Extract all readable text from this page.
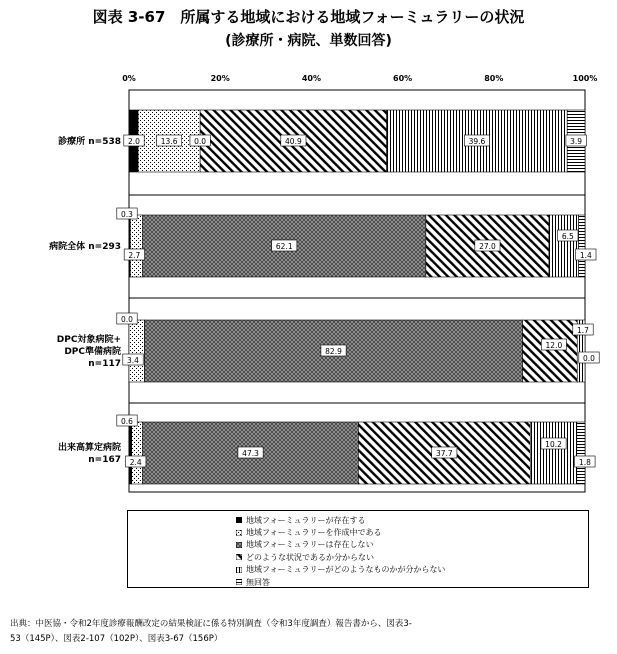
図表 3-67　所属する地域における地域フォーミュラリーの状況
(診療所・病院、単数回答)
0%	20%	40%	60%	80%	100%
診療所 n=538
病院全体 n=293
DPC対象病院+
DPC準備病院
n=117
出来高算定病院
n=167
2.0	13.6 0.0	40.9	39.6	3.9
0.3
2.7
62.1	27.0
6.5
1.4
0.0
3.4
82.9
12.0
1.7
0.0
0.6
2.4
47.3	37.7
10.2
1.8
地域フォーミュラリーが存在する
地域フォーミュラリーを作成中である
地域フォーミュラリーは存在しない
どのような状況であるか分からない
地域フォーミュラリーがどのようなものかが分からない
無回答
出典：中医協・令和2年度診療報酬改定の結果検証に係る特別調査（令和3年度調査）報告書から、図表3-
53（145P）、図表2-107（102P）、図表3-67（156P）
